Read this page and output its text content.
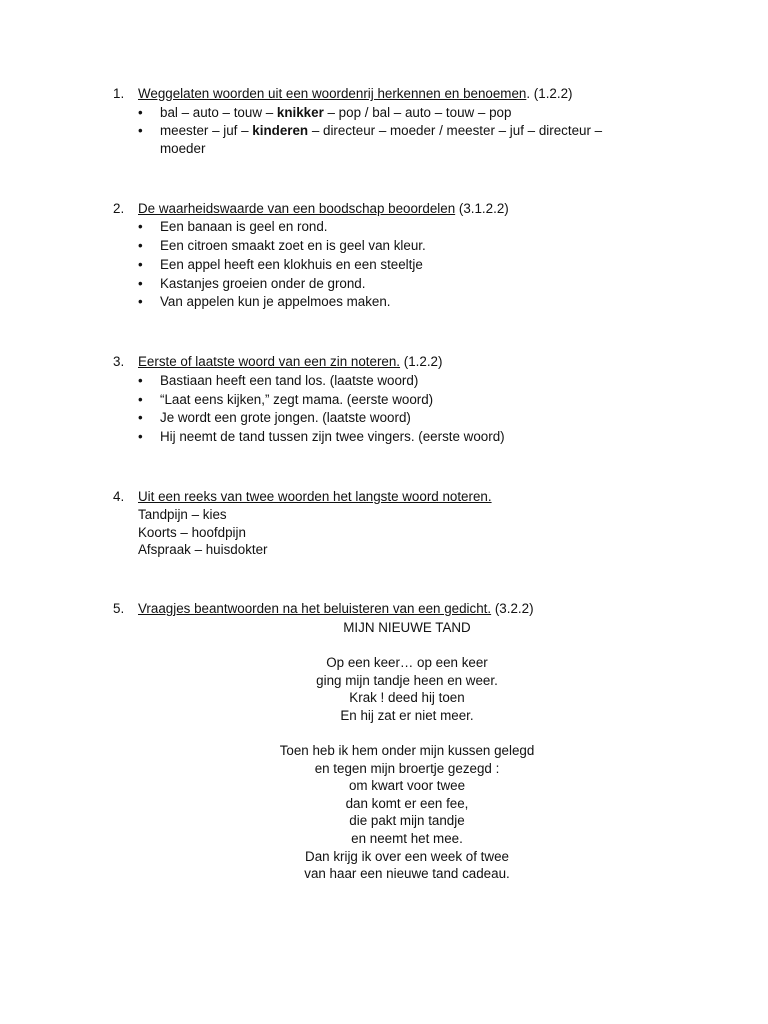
1. Weggelaten woorden uit een woordenrij herkennen en benoemen. (1.2.2)
• bal – auto – touw – knikker – pop / bal – auto – touw – pop
• meester – juf – kinderen – directeur – moeder / meester – juf – directeur –
moeder
2. De waarheidswaarde van een boodschap beoordelen (3.1.2.2)
• Een banaan is geel en rond.
• Een citroen smaakt zoet en is geel van kleur.
• Een appel heeft een klokhuis en een steeltje
• Kastanjes groeien onder de grond.
• Van appelen kun je appelmoes maken.
3. Eerste of laatste woord van een zin noteren. (1.2.2)
• Bastiaan heeft een tand los. (laatste woord)
• “Laat eens kijken,” zegt mama. (eerste woord)
• Je wordt een grote jongen. (laatste woord)
• Hij neemt de tand tussen zijn twee vingers. (eerste woord)
4. Uit een reeks van twee woorden het langste woord noteren.
Tandpijn – kies
Koorts – hoofdpijn
Afspraak – huisdokter
5. Vraagjes beantwoorden na het beluisteren van een gedicht. (3.2.2)
MIJN NIEUWE TAND
Op een keer… op een keer
ging mijn tandje heen en weer.
Krak ! deed hij toen
En hij zat er niet meer.
Toen heb ik hem onder mijn kussen gelegd
en tegen mijn broertje gezegd :
om kwart voor twee
dan komt er een fee,
die pakt mijn tandje
en neemt het mee.
Dan krijg ik over een week of twee
van haar een nieuwe tand cadeau.
